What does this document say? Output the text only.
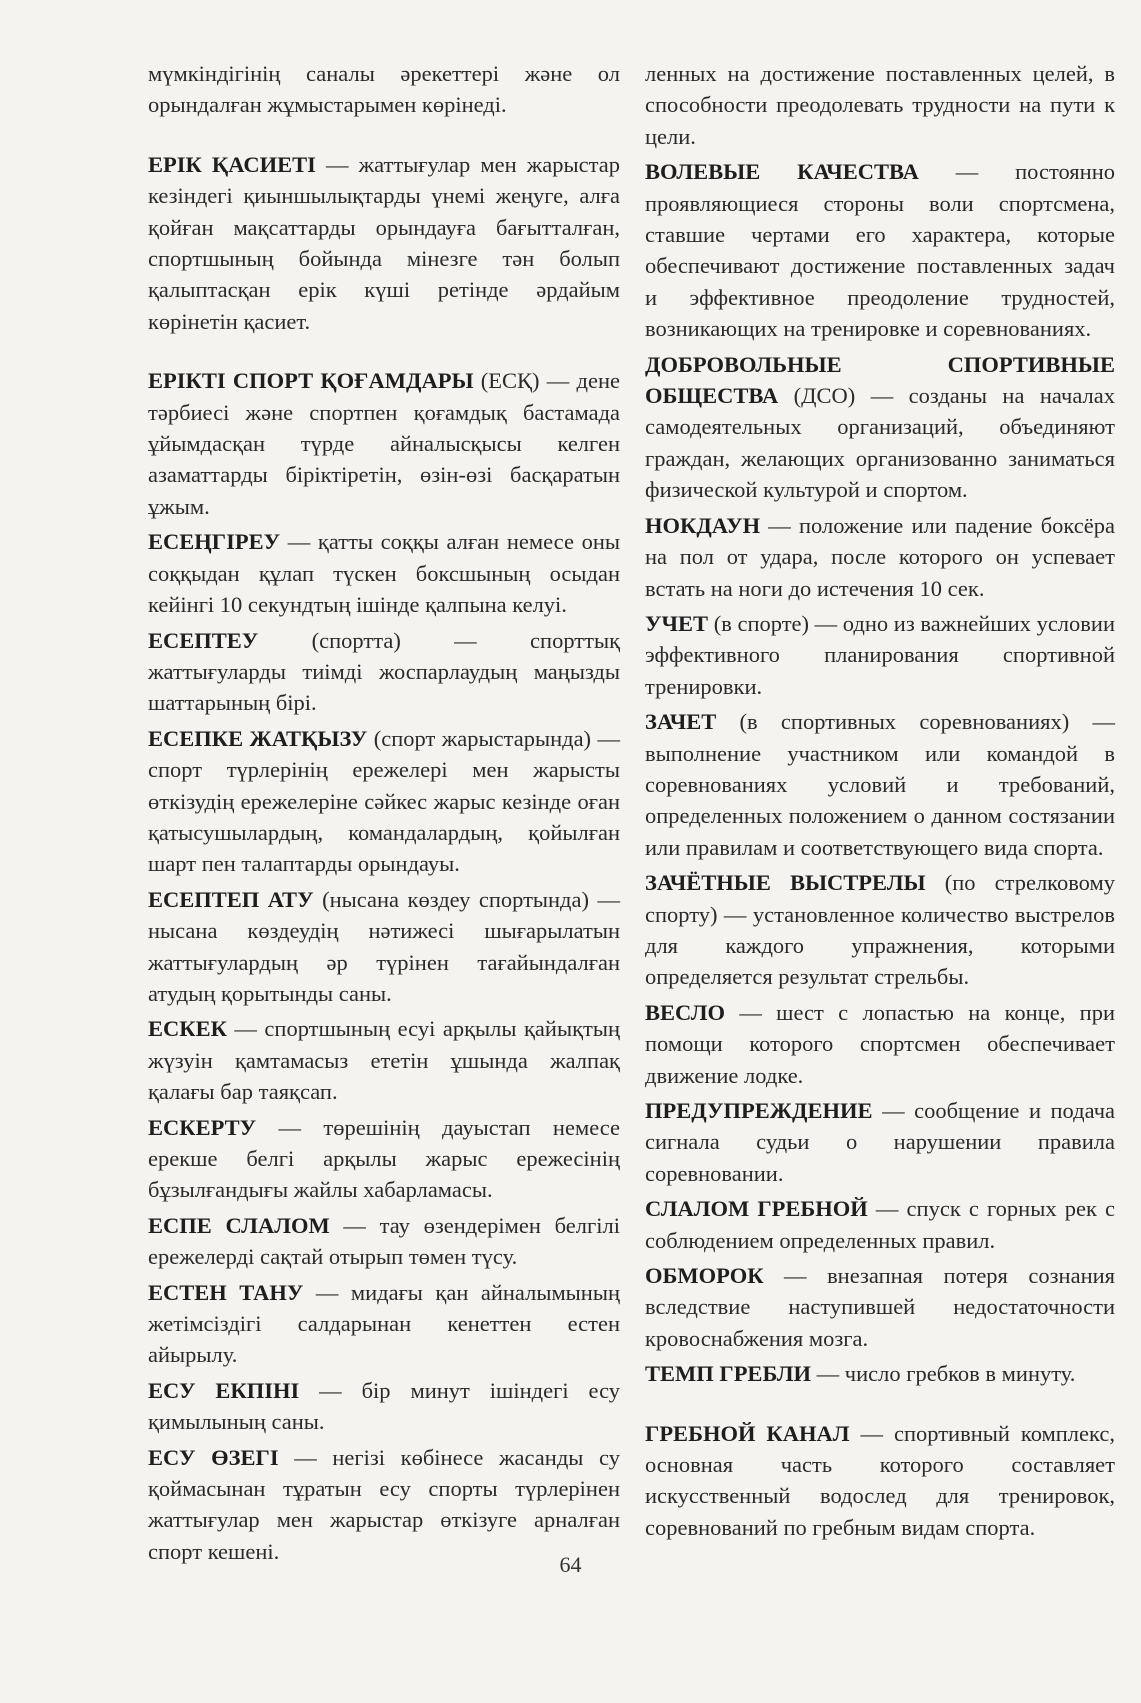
мүмкіндігінің саналы әрекеттері және ол орындалған жұмыстарымен көрінеді.

ЕРІК ҚАСИЕТІ — жаттығулар мен жарыстар кезіндегі қиыншылықтарды үнемі жеңуге, алға қойған мақсаттарды орындауға бағытталған, спортшының бойында мінезге тән болып қалыптасқан ерік күші ретінде әрдайым көрінетін қасиет.

ЕРІКТІ СПОРТ ҚОҒАМДАРЫ (ЕСҚ) — дене тәрбиесі және спортпен қоғамдық бастамада ұйымдасқан түрде айналысқысы келген азаматтарды біріктіретін, өзін-өзі басқаратын ұжым.

ЕСЕҢГІРЕУ — қатты соққы алған немесе оны соққыдан құлап түскен боксшының осыдан кейінгі 10 секундтың ішінде қалпына келуі.

ЕСЕПТЕУ (спортта) — спорттық жаттығуларды тиімді жоспарлаудың маңызды шаттарының бірі.

ЕСЕПКЕ ЖАТҚЫЗУ (спорт жарыстарында) — спорт түрлерінің ережелері мен жарысты өткізудің ережелеріне сәйкес жарыс кезінде оған қатысушылардың, командалардың, қойылған шарт пен талаптарды орындауы.

ЕСЕПТЕП АТУ (нысана көздеу спортында) — нысана көздеудің нәтижесі шығарылатын жаттығулардың әр түрінен тағайындалған атудың қорытынды саны.

ЕСКЕК — спортшының есуі арқылы қайықтың жүзуін қамтамасыз ететін ұшында жалпақ қалағы бар таяқсап.

ЕСКЕРТУ — төрешінің дауыстап немесе ерекше белгі арқылы жарыс ережесінің бұзылғандығы жайлы хабарламасы.

ЕСПЕ СЛАЛОМ — тау өзендерімен белгілі ережелерді сақтай отырып төмен түсу.

ЕСТЕН ТАНУ — мидағы қан айналымының жетімсіздігі салдарынан кенеттен естен айырылу.

ЕСУ ЕКПІНІ — бір минут ішіндегі есу қимылының саны.

ЕСУ ӨЗЕГІ — негізі көбінесе жасанды су қоймасынан тұратын есу спорты түрлерінен жаттығулар мен жарыстар өткізуге арналған спорт кешені.

ленных на достижение поставленных целей, в способности преодолевать трудности на пути к цели.

ВОЛЕВЫЕ КАЧЕСТВА — постоянно проявляющиеся стороны воли спортсмена, ставшие чертами его характера, которые обеспечивают достижение поставленных задач и эффективное преодоление трудностей, возникающих на тренировке и соревнованиях.

ДОБРОВОЛЬНЫЕ СПОРТИВНЫЕ ОБЩЕСТВА (ДСО) — созданы на началах самодеятельных организаций, объединяют граждан, желающих организованно заниматься физической культурой и спортом.

НОКДАУН — положение или падение боксёра на пол от удара, после которого он успевает встать на ноги до истечения 10 сек.

УЧЕТ (в спорте) — одно из важнейших условии эффективного планирования спортивной тренировки.

ЗАЧЕТ (в спортивных соревнованиях) — выполнение участником или командой в соревнованиях условий и требований, определенных положением о данном состязании или правилам и соответствующего вида спорта.

ЗАЧЁТНЫЕ ВЫСТРЕЛЫ (по стрелковому спорту) — установленное количество выстрелов для каждого упражнения, которыми определяется результат стрельбы.

ВЕСЛО — шест с лопастью на конце, при помощи которого спортсмен обеспечивает движение лодке.

ПРЕДУПРЕЖДЕНИЕ — сообщение и подача сигнала судьи о нарушении правила соревновании.

СЛАЛОМ ГРЕБНОЙ — спуск с горных рек с соблюдением определенных правил.

ОБМОРОК — внезапная потеря сознания вследствие наступившей недостаточности кровоснабжения мозга.

ТЕМП ГРЕБЛИ — число гребков в минуту.

ГРЕБНОЙ КАНАЛ — спортивный комплекс, основная часть которого составляет искусственный водослед для тренировок, соревнований по гребным видам спорта.

64
